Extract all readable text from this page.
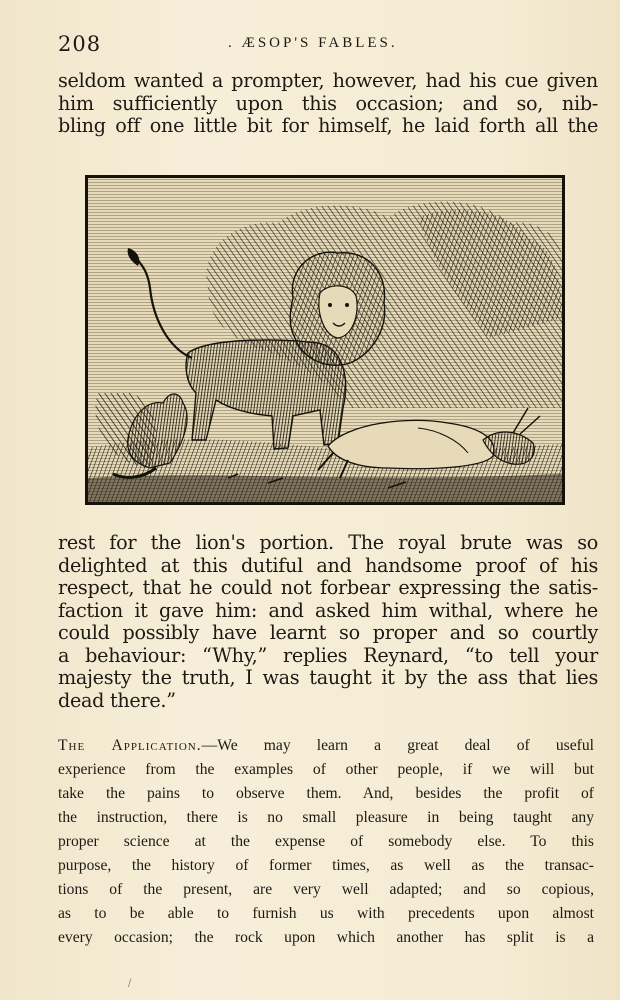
208	. ÆSOP'S FABLES.
seldom wanted a prompter, however, had his cue given
him sufficiently upon this occasion; and so, nib-
bling off one little bit for himself, he laid forth all the
rest for the lion's portion. The royal brute was so
delighted at this dutiful and handsome proof of his
respect, that he could not forbear expressing the satis-
faction it gave him: and asked him withal, where he
could possibly have learnt so proper and so courtly
a behaviour: “Why,” replies Reynard, “to tell your
majesty the truth, I was taught it by the ass that lies
dead there.”
The Application.—We may learn a great deal of useful
experience from the examples of other people, if we will but
take the pains to observe them. And, besides the profit of
the instruction, there is no small pleasure in being taught any
proper science at the expense of somebody else. To this
purpose, the history of former times, as well as the transac-
tions of the present, are very well adapted; and so copious,
as to be able to furnish us with precedents upon almost
every occasion; the rock upon which another has split is a
/
